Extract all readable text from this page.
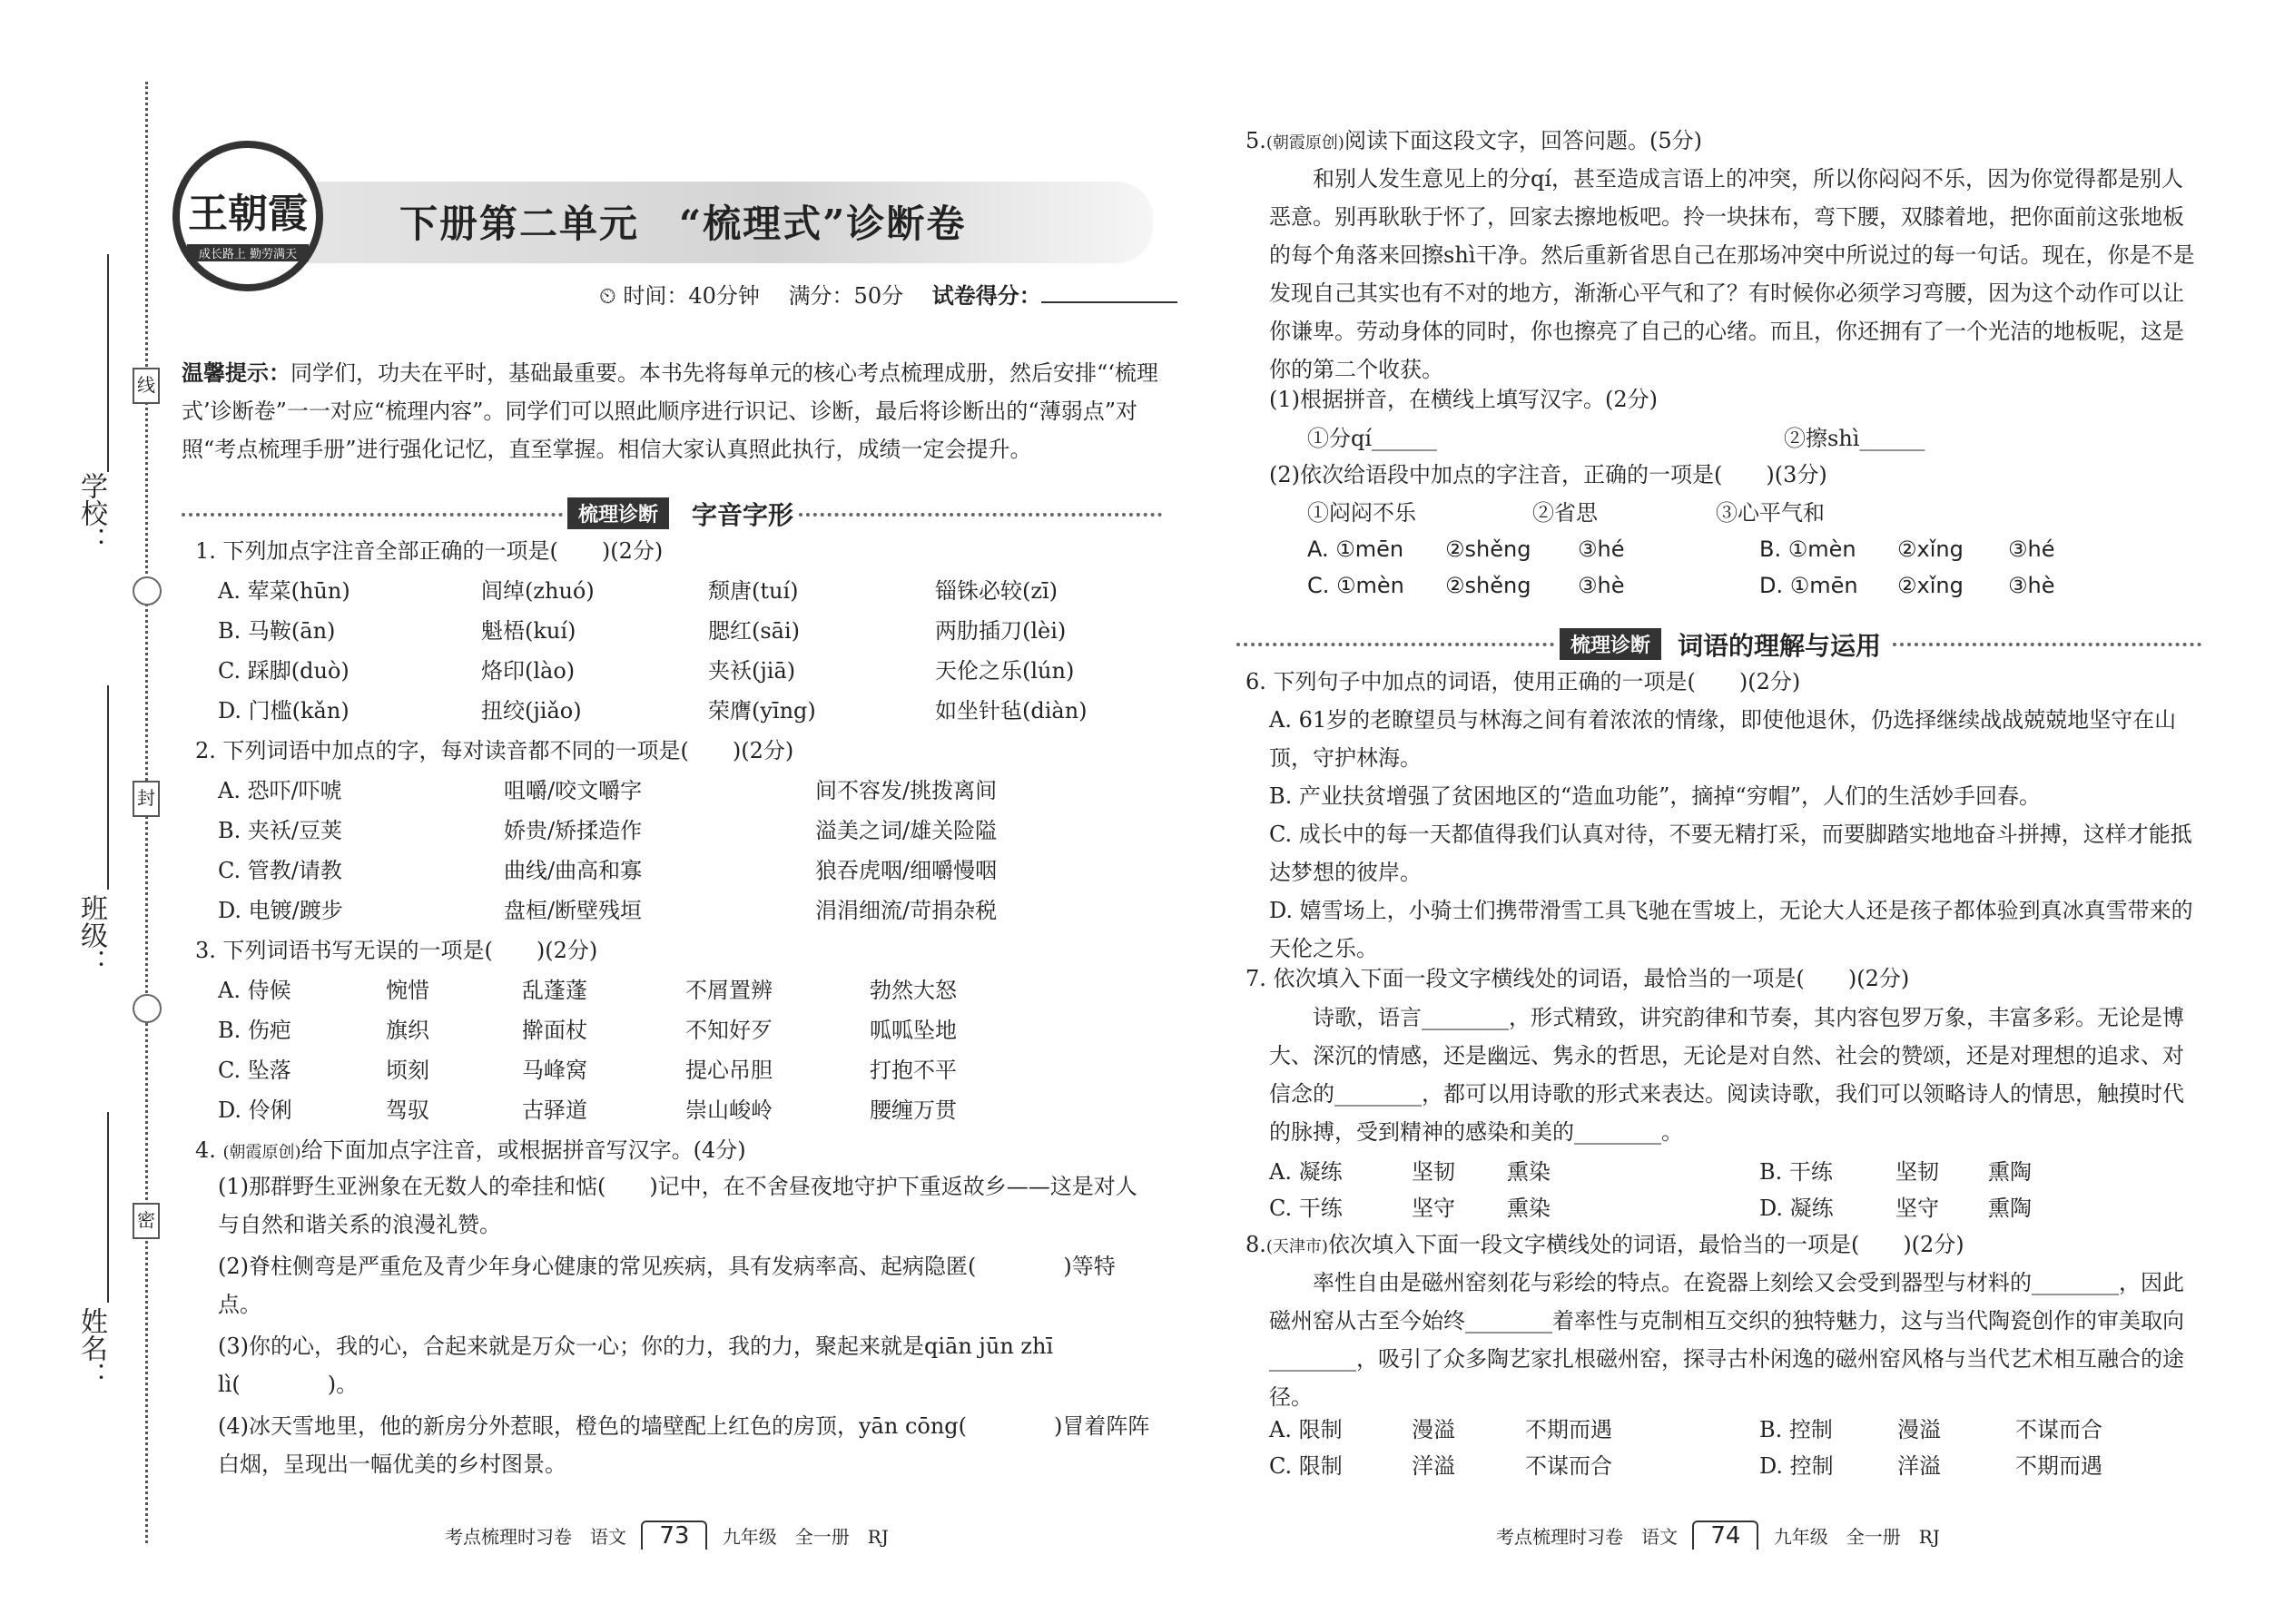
线
封
密
学校：
班级：
姓名：
王朝霞
成长路上 勤劳满天
下册第二单元　“梳理式”诊断卷
⏲ 时间：40分钟　 满分：50分　 试卷得分：
温馨提示：同学们，功夫在平时，基础最重要。本书先将每单元的核心考点梳理成册，然后安排“‘梳理式’诊断卷”一一对应“梳理内容”。同学们可以照此顺序进行识记、诊断，最后将诊断出的“薄弱点”对照“考点梳理手册”进行强化记忆，直至掌握。相信大家认真照此执行，成绩一定会提升。
梳理诊断	字音字形
1. 下列加点字注音全部正确的一项是(　　)(2分)
A. 荤菜(hūn)	闾绰(zhuó)	颓唐(tuí)	锱铢必较(zī)
B. 马鞍(ān)	魁梧(kuí)	腮红(sāi)	两肋插刀(lèi)
C. 踩脚(duò)	烙印(lào)	夹袄(jiā)	天伦之乐(lún)
D. 门槛(kǎn)	扭绞(jiǎo)	荣膺(yīng)	如坐针毡(diàn)
2. 下列词语中加点的字，每对读音都不同的一项是(　　)(2分)
A. 恐吓/吓唬	咀嚼/咬文嚼字	间不容发/挑拨离间
B. 夹袄/豆荚	娇贵/矫揉造作	溢美之词/雄关险隘
C. 管教/请教	曲线/曲高和寡	狼吞虎咽/细嚼慢咽
D. 电镀/踱步	盘桓/断壁残垣	涓涓细流/苛捐杂税
3. 下列词语书写无误的一项是(　　)(2分)
A. 侍候	惋惜	乱蓬蓬	不屑置辨	勃然大怒
B. 伤疤	旗织	擀面杖	不知好歹	呱呱坠地
C. 坠落	顷刻	马峰窝	提心吊胆	打抱不平
D. 伶俐	驾驭	古驿道	崇山峻岭	腰缠万贯
4. (朝霞原创)给下面加点字注音，或根据拼音写汉字。(4分)
(1)那群野生亚洲象在无数人的牵挂和惦(　　)记中，在不舍昼夜地守护下重返故乡——这是对人与自然和谐关系的浪漫礼赞。
(2)脊柱侧弯是严重危及青少年身心健康的常见疾病，具有发病率高、起病隐匿(　　　　)等特点。
(3)你的心，我的心，合起来就是万众一心；你的力，我的力，聚起来就是qiān jūn zhī lì(　　　　)。
(4)冰天雪地里，他的新房分外惹眼，橙色的墙壁配上红色的房顶，yān cōng(　　　　)冒着阵阵白烟，呈现出一幅优美的乡村图景。
5.(朝霞原创)阅读下面这段文字，回答问题。(5分)
和别人发生意见上的分qí，甚至造成言语上的冲突，所以你闷闷不乐，因为你觉得都是别人恶意。别再耿耿于怀了，回家去擦地板吧。拎一块抹布，弯下腰，双膝着地，把你面前这张地板的每个角落来回擦shì干净。然后重新省思自己在那场冲突中所说过的每一句话。现在，你是不是发现自己其实也有不对的地方，渐渐心平气和了？有时候你必须学习弯腰，因为这个动作可以让你谦卑。劳动身体的同时，你也擦亮了自己的心绪。而且，你还拥有了一个光洁的地板呢，这是你的第二个收获。
(1)根据拼音，在横线上填写汉字。(2分)
①分qí______	②擦shì______
(2)依次给语段中加点的字注音，正确的一项是(　　)(3分)
①闷闷不乐	②省思	③心平气和
A. ①mēn ②shěng ③hé	B. ①mèn ②xǐng ③hé
C. ①mèn ②shěng ③hè	D. ①mēn ②xǐng ③hè
梳理诊断	词语的理解与运用
6. 下列句子中加点的词语，使用正确的一项是(　　)(2分)
A. 61岁的老瞭望员与林海之间有着浓浓的情缘，即使他退休，仍选择继续战战兢兢地坚守在山顶，守护林海。
B. 产业扶贫增强了贫困地区的“造血功能”，摘掉“穷帽”，人们的生活妙手回春。
C. 成长中的每一天都值得我们认真对待，不要无精打采，而要脚踏实地地奋斗拼搏，这样才能抵达梦想的彼岸。
D. 嬉雪场上，小骑士们携带滑雪工具飞驰在雪坡上，无论大人还是孩子都体验到真冰真雪带来的天伦之乐。
7. 依次填入下面一段文字横线处的词语，最恰当的一项是(　　)(2分)
诗歌，语言________，形式精致，讲究韵律和节奏，其内容包罗万象，丰富多彩。无论是博大、深沉的情感，还是幽远、隽永的哲思，无论是对自然、社会的赞颂，还是对理想的追求、对信念的________，都可以用诗歌的形式来表达。阅读诗歌，我们可以领略诗人的情思，触摸时代的脉搏，受到精神的感染和美的________。
A. 凝练	坚韧 熏染	B. 干练	坚韧 熏陶
C. 干练	坚守 熏染	D. 凝练	坚守 熏陶
8.(天津市)依次填入下面一段文字横线处的词语，最恰当的一项是(　　)(2分)
率性自由是磁州窑刻花与彩绘的特点。在瓷器上刻绘又会受到器型与材料的________，因此磁州窑从古至今始终________着率性与克制相互交织的独特魅力，这与当代陶瓷创作的审美取向________，吸引了众多陶艺家扎根磁州窑，探寻古朴闲逸的磁州窑风格与当代艺术相互融合的途径。
A. 限制	漫溢	不期而遇	B. 控制	漫溢	不谋而合
C. 限制	洋溢	不谋而合	D. 控制	洋溢	不期而遇
考点梳理时习卷　语文 73 九年级　全一册　RJ	考点梳理时习卷　语文 74 九年级　全一册　RJ
